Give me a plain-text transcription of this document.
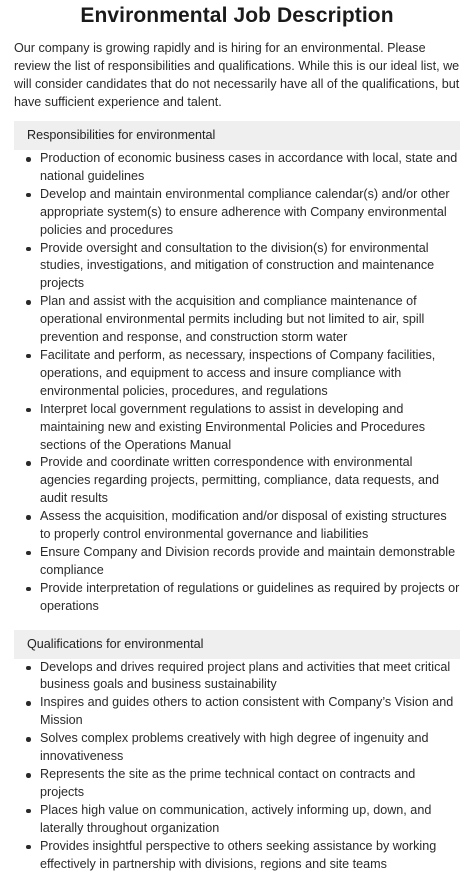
Environmental Job Description

Our company is growing rapidly and is hiring for an environmental. Please review the list of responsibilities and qualifications. While this is our ideal list, we will consider candidates that do not necessarily have all of the qualifications, but have sufficient experience and talent.

Responsibilities for environmental
Production of economic business cases in accordance with local, state and national guidelines
Develop and maintain environmental compliance calendar(s) and/or other appropriate system(s) to ensure adherence with Company environmental policies and procedures
Provide oversight and consultation to the division(s) for environmental studies, investigations, and mitigation of construction and maintenance projects
Plan and assist with the acquisition and compliance maintenance of operational environmental permits including but not limited to air, spill prevention and response, and construction storm water
Facilitate and perform, as necessary, inspections of Company facilities, operations, and equipment to access and insure compliance with environmental policies, procedures, and regulations
Interpret local government regulations to assist in developing and maintaining new and existing Environmental Policies and Procedures sections of the Operations Manual
Provide and coordinate written correspondence with environmental agencies regarding projects, permitting, compliance, data requests, and audit results
Assess the acquisition, modification and/or disposal of existing structures to properly control environmental governance and liabilities
Ensure Company and Division records provide and maintain demonstrable compliance
Provide interpretation of regulations or guidelines as required by projects or operations
Qualifications for environmental
Develops and drives required project plans and activities that meet critical business goals and business sustainability
Inspires and guides others to action consistent with Company’s Vision and Mission
Solves complex problems creatively with high degree of ingenuity and innovativeness
Represents the site as the prime technical contact on contracts and projects
Places high value on communication, actively informing up, down, and laterally throughout organization
Provides insightful perspective to others seeking assistance by working effectively in partnership with divisions, regions and site teams
